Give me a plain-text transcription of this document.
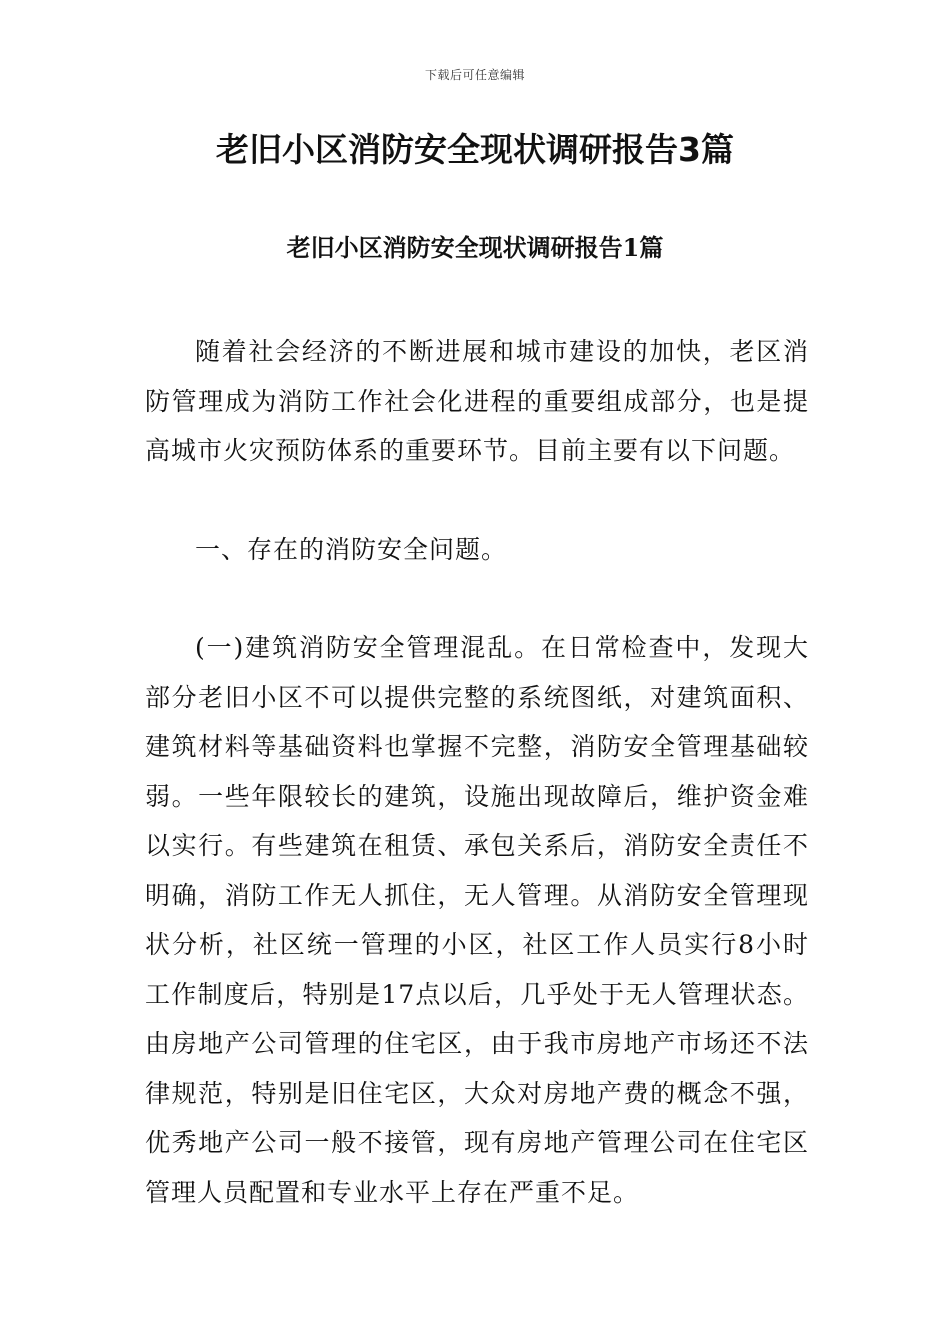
下载后可任意编辑
老旧小区消防安全现状调研报告3篇
老旧小区消防安全现状调研报告1篇

随着社会经济的不断进展和城市建设的加快，老区消防管理成为消防工作社会化进程的重要组成部分，也是提高城市火灾预防体系的重要环节。目前主要有以下问题。

一、存在的消防安全问题。

(一)建筑消防安全管理混乱。在日常检查中，发现大部分老旧小区不可以提供完整的系统图纸，对建筑面积、建筑材料等基础资料也掌握不完整，消防安全管理基础较弱。一些年限较长的建筑，设施出现故障后，维护资金难以实行。有些建筑在租赁、承包关系后，消防安全责任不明确，消防工作无人抓住，无人管理。从消防安全管理现状分析，社区统一管理的小区，社区工作人员实行8小时工作制度后，特别是17点以后，几乎处于无人管理状态。由房地产公司管理的住宅区，由于我市房地产市场还不法律规范，特别是旧住宅区，大众对房地产费的概念不强，优秀地产公司一般不接管，现有房地产管理公司在住宅区管理人员配置和专业水平上存在严重不足。
